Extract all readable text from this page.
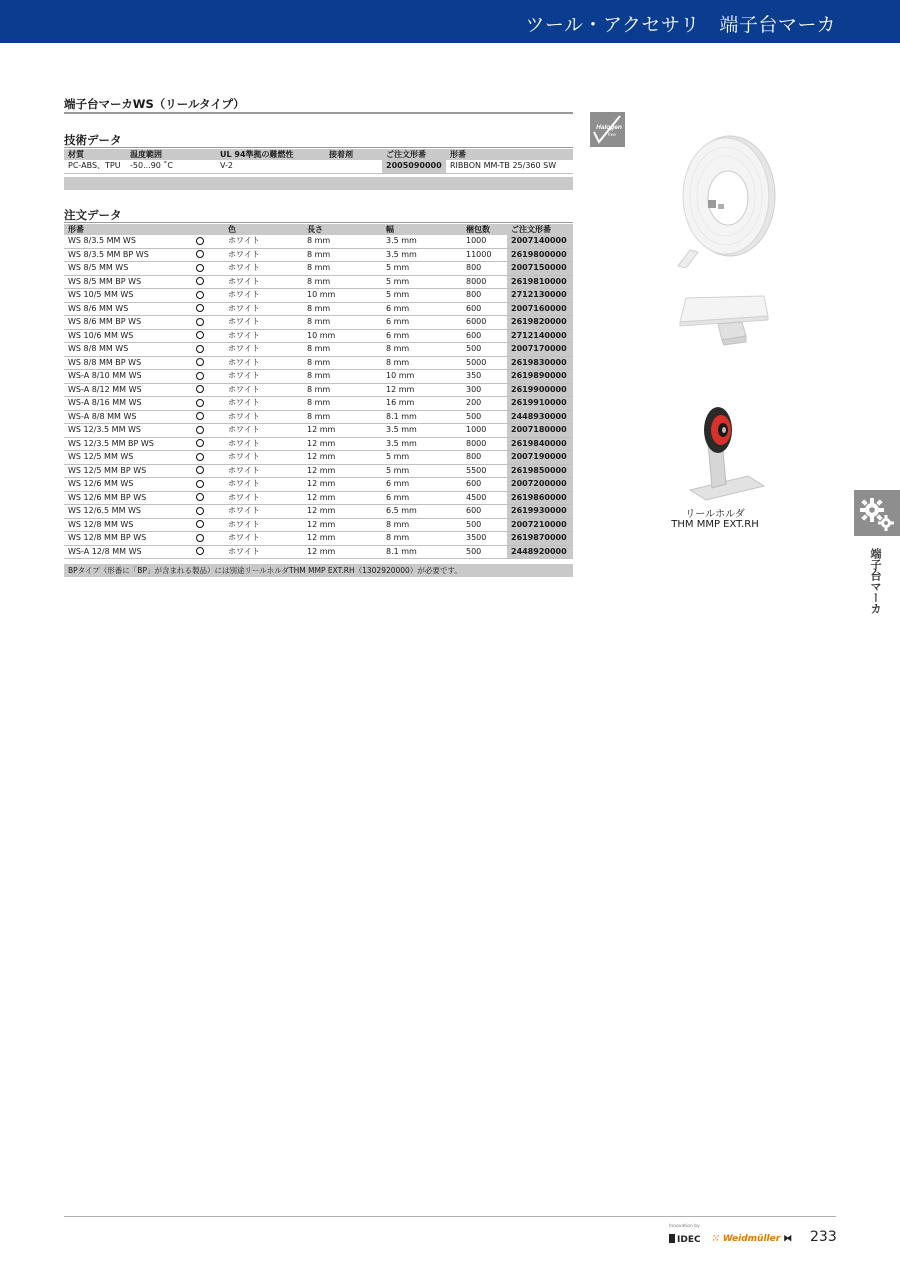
ツール・アクセサリ　端子台マーカ
端子台マーカWS（リールタイプ）
技術データ
材質	温度範囲	UL 94準拠の難燃性	接着剤	ご注文形番	形番
PC-ABS、TPU	-50...90 ˚C	V-2		2005090000	RIBBON MM-TB 25/360 SW
注文データ
形番		色	長さ	幅	梱包数	ご注文形番
WS 8/3.5 MM WS		ホワイト	8 mm	3.5 mm	1000	2007140000
WS 8/3.5 MM BP WS		ホワイト	8 mm	3.5 mm	11000	2619800000
WS 8/5 MM WS		ホワイト	8 mm	5 mm	800	2007150000
WS 8/5 MM BP WS		ホワイト	8 mm	5 mm	8000	2619810000
WS 10/5 MM WS		ホワイト	10 mm	5 mm	800	2712130000
WS 8/6 MM WS		ホワイト	8 mm	6 mm	600	2007160000
WS 8/6 MM BP WS		ホワイト	8 mm	6 mm	6000	2619820000
WS 10/6 MM WS		ホワイト	10 mm	6 mm	600	2712140000
WS 8/8 MM WS		ホワイト	8 mm	8 mm	500	2007170000
WS 8/8 MM BP WS		ホワイト	8 mm	8 mm	5000	2619830000
WS-A 8/10 MM WS		ホワイト	8 mm	10 mm	350	2619890000
WS-A 8/12 MM WS		ホワイト	8 mm	12 mm	300	2619900000
WS-A 8/16 MM WS		ホワイト	8 mm	16 mm	200	2619910000
WS-A 8/8 MM WS		ホワイト	8 mm	8.1 mm	500	2448930000
WS 12/3.5 MM WS		ホワイト	12 mm	3.5 mm	1000	2007180000
WS 12/3.5 MM BP WS		ホワイト	12 mm	3.5 mm	8000	2619840000
WS 12/5 MM WS		ホワイト	12 mm	5 mm	800	2007190000
WS 12/5 MM BP WS		ホワイト	12 mm	5 mm	5500	2619850000
WS 12/6 MM WS		ホワイト	12 mm	6 mm	600	2007200000
WS 12/6 MM BP WS		ホワイト	12 mm	6 mm	4500	2619860000
WS 12/6.5 MM WS		ホワイト	12 mm	6.5 mm	600	2619930000
WS 12/8 MM WS		ホワイト	12 mm	8 mm	500	2007210000
WS 12/8 MM BP WS		ホワイト	12 mm	8 mm	3500	2619870000
WS-A 12/8 MM WS		ホワイト	12 mm	8.1 mm	500	2448920000
BPタイプ（形番に「BP」が含まれる製品）には別途リールホルダTHM MMP EXT.RH（1302920000）が必要です。
Halogen
free
リールホルダ
THM MMP EXT.RH
端子台マーカ
Innovation by
IDEC ⁙ Weidmüller ⧓ 233
